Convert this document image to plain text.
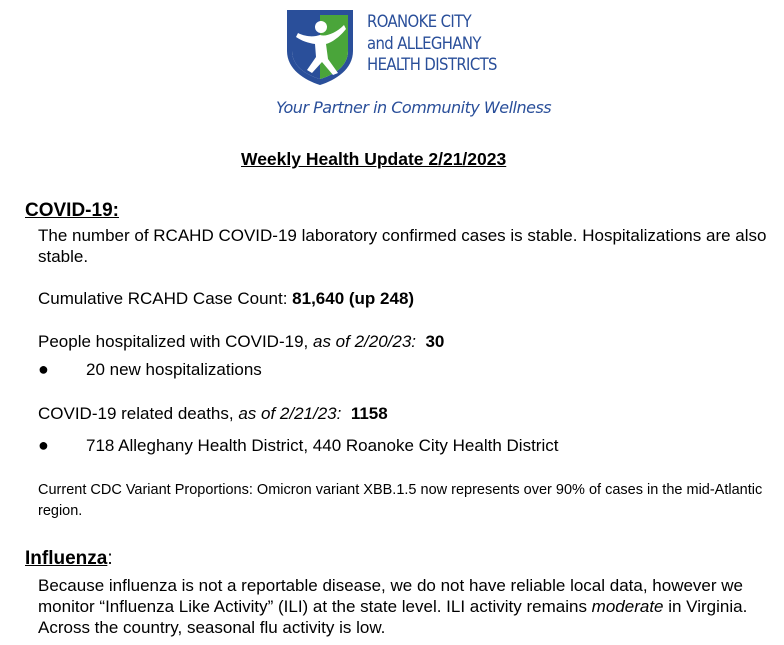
ROANOKE CITY
and ALLEGHANY
HEALTH DISTRICTS
Your Partner in Community Wellness
Weekly Health Update 2/21/2023
COVID-19:
The number of RCAHD COVID-19 laboratory confirmed cases is stable. Hospitalizations are also stable.
Cumulative RCAHD Case Count: 81,640 (up 248)
People hospitalized with COVID-19, as of 2/20/23: 30
● 20 new hospitalizations
COVID-19 related deaths, as of 2/21/23: 1158
● 718 Alleghany Health District, 440 Roanoke City Health District
Current CDC Variant Proportions: Omicron variant XBB.1.5 now represents over 90% of cases in the mid-Atlantic region.
Influenza:
Because influenza is not a reportable disease, we do not have reliable local data, however we monitor “Influenza Like Activity” (ILI) at the state level. ILI activity remains moderate in Virginia. Across the country, seasonal flu activity is low.
